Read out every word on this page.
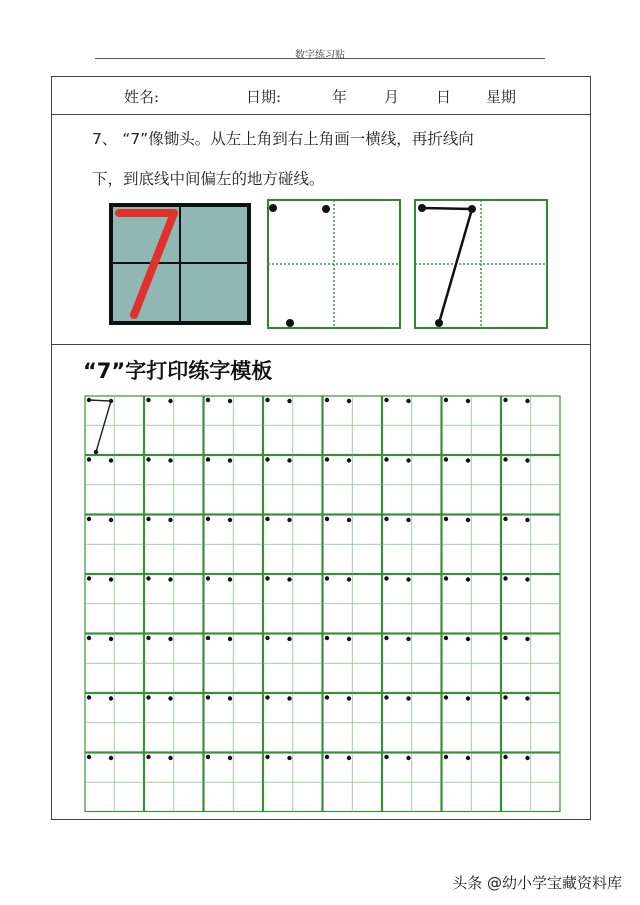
数字练习贴
姓名:	日期:	年 月 日 星期
7、 “7”像锄头。从左上角到右上角画一横线，再折线向
下，到底线中间偏左的地方碰线。
“7”字打印练字模板
头条 @幼小学宝藏资料库
